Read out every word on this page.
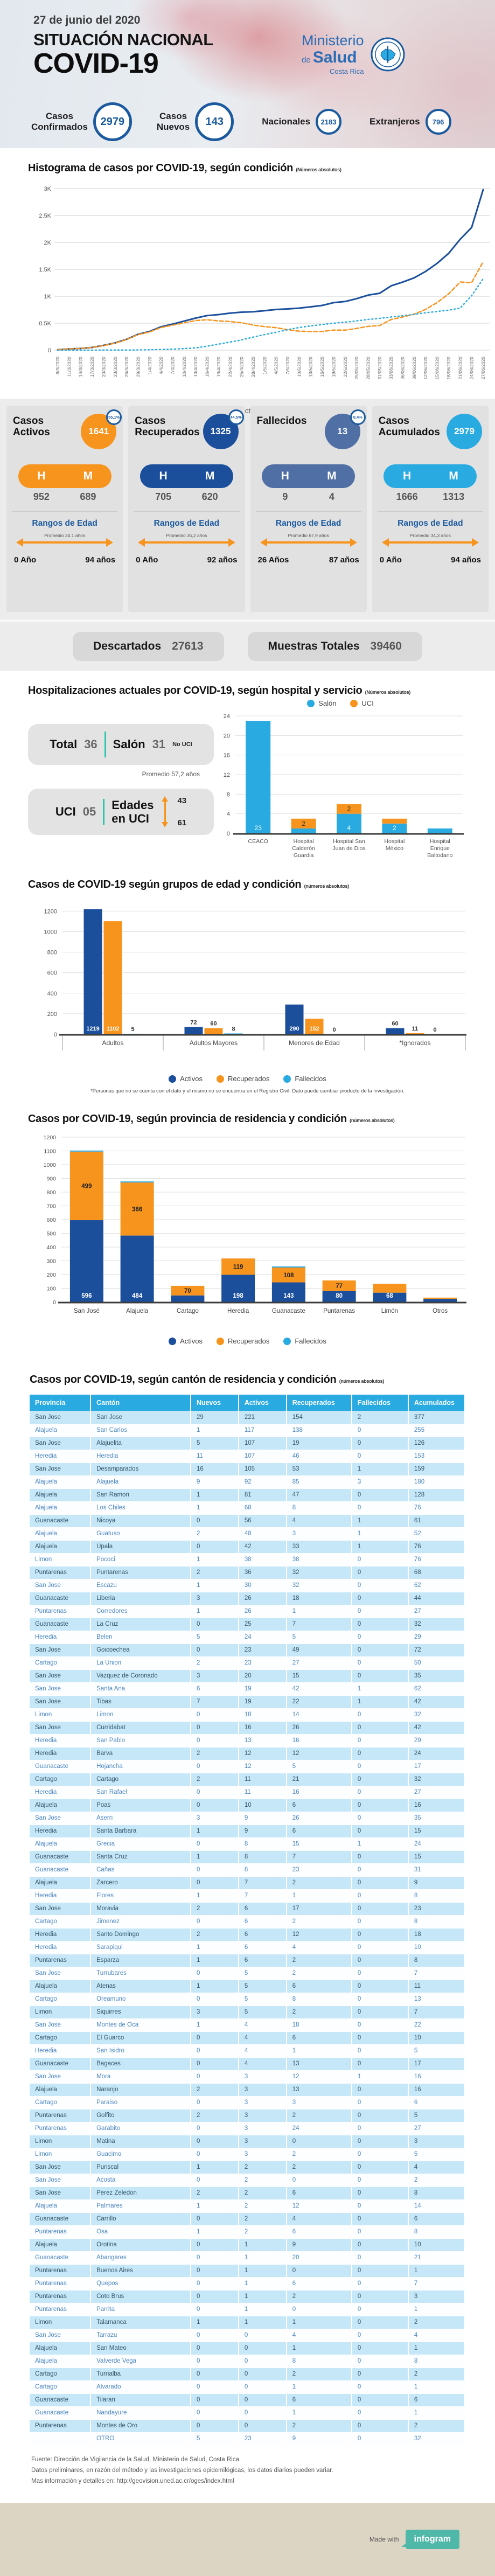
27 de junio del 2020
SITUACIÓN NACIONAL
COVID-19
Ministerio
de Salud
Costa Rica
Casos
Confirmados	2979	Casos
Nuevos	143	Nacionales	2183	Extranjeros	796
Histograma de casos por COVID-19, según condición (Números absolutos)
3K
2.5K
2K
1.5K
1K
0.5K
0
8/3/2020 11/3/2020 14/3/2020 17/3/2020 20/3/2020 23/3/2020 26/3/2020 29/3/2020 1/4/2020 4/4/2020 7/4/2020 10/4/2020 13/4/2020 16/4/2020 19/4/2020 22/4/2020 25/4/2020 28/4/2020 1/5/2020 4/5/2020 7/5/2020 10/5/2020 13/5/2020 16/5/2020 19/5/2020 22/5/2020 25/05/2020 28/05/2020 31/05/2020 03/06/2020 06/06/2020 09/06/2020 12/06/2020 15/06/2020 18/06/2020 21/06/2020 24/06/2020 27/06/2020
Casos Activos	1641
55,1%
H	M
952	689
Rangos de Edad
Promedio 34.1 años
0 Año	94 años
Casos Recuperados	1325
44,5%
H	M
705	620
Rangos de Edad
Promedio 35,2 años
0 Año	92 años
Fallecidos
13
0,4%
H	M
9	4
Rangos de Edad
Promedio 67,9 años
26 Años	87 años
Casos Acumulados	2979
H	M
1666	1313
Rangos de Edad
Promedio 34,3 años
0 Año	94 años
Descartados 27613	Muestras Totales 39460
Hospitalizaciones actuales por COVID-19, según hospital y servicio (Números absolutos)
Total 36 Salón 31 No UCI
Promedio 57,2 años
UCI 05 Edades
en UCI
43
61
Salón	UCI
0
4
8
12
16
20
24
23
CEACO
2
Hospital
Calderón
Guardia
4
2
Hospital San
Juan de Dios
2
Hospital
México
Hospital
Enrique
Baltodano
Casos de COVID-19 según grupos de edad y condición (números absolutos)
0
200
400
600
800
1000
1200
1219 1102 5
Adultos
72 60
8
Adultos Mayores
290 152 0
Menores de Edad
60
11	0
*Ignorados
Activos	Recuperados	Fallecidos
*Personas que no se cuenta con el dato y el mismo no se encuentra en el Registro Civil. Dato puede cambiar producto de la investigación.
Casos por COVID-19, según provincia de residencia y condición (números absolutos)
0
100
200
300
400
500
600
700
800
900
1000
1100
1200
596
499
San José
484
386
Alajuela
70
Cartago
198
119
Heredia
143
108
Guanacaste
80
77
Puntarenas
68
Limón	Otros
Activos	Recuperados	Fallecidos
Casos por COVID-19, según cantón de residencia y condición (números absolutos)
Provincia	Cantón	Nuevos	Activos	Recuperados	Fallecidos	Acumulados
San Jose	San Jose	29	221	154	2	377
Alajuela	San Carlos	1	117	138	0	255
San Jose	Alajuelita	5	107	19	0	126
Heredia	Heredia	11	107	46	0	153
San Jose	Desamparados	16	105	53	1	159
Alajuela	Alajuela	9	92	85	3	180
Alajuela	San Ramon	1	81	47	0	128
Alajuela	Los Chiles	1	68	8	0	76
Guanacaste	Nicoya	0	56	4	1	61
Alajuela	Guatuso	2	48	3	1	52
Alajuela	Upala	0	42	33	1	76
Limon	Pococi	1	38	38	0	76
Puntarenas	Puntarenas	2	36	32	0	68
San Jose	Escazu	1	30	32	0	62
Guanacaste	Liberia	3	26	18	0	44
Puntarenas	Corredores	1	26	1	0	27
Guanacaste	La Cruz	0	25	7	0	32
Heredia	Belen	5	24	5	0	29
San Jose	Goicoechea	0	23	49	0	72
Cartago	La Union	2	23	27	0	50
San Jose	Vazquez de Coronado	3	20	15	0	35
San Jose	Santa Ana	6	19	42	1	62
San Jose	Tibas	7	19	22	1	42
Limon	Limon	0	18	14	0	32
San Jose	Curridabat	0	16	26	0	42
Heredia	San Pablo	0	13	16	0	29
Heredia	Barva	2	12	12	0	24
Guanacaste	Hojancha	0	12	5	0	17
Cartago	Cartago	2	11	21	0	32
Heredia	San Rafael	0	11	16	0	27
Alajuela	Poas	0	10	6	0	16
San Jose	Aserri	3	9	26	0	35
Heredia	Santa Barbara	1	9	6	0	15
Alajuela	Grecia	0	8	15	1	24
Guanacaste	Santa Cruz	1	8	7	0	15
Guanacaste	Cañas	0	8	23	0	31
Alajuela	Zarcero	0	7	2	0	9
Heredia	Flores	1	7	1	0	8
San Jose	Moravia	2	6	17	0	23
Cartago	Jimenez	0	6	2	0	8
Heredia	Santo Domingo	2	6	12	0	18
Heredia	Sarapiqui	1	6	4	0	10
Puntarenas	Esparza	1	6	2	0	8
San Jose	Turrubares	0	5	2	0	7
Alajuela	Atenas	1	5	6	0	11
Cartago	Oreamuno	0	5	8	0	13
Limon	Siquirres	3	5	2	0	7
San Jose	Montes de Oca	1	4	18	0	22
Cartago	El Guarco	0	4	6	0	10
Heredia	San Isidro	0	4	1	0	5
Guanacaste	Bagaces	0	4	13	0	17
San Jose	Mora	0	3	12	1	16
Alajuela	Naranjo	2	3	13	0	16
Cartago	Paraiso	0	3	3	0	6
Puntarenas	Golfito	2	3	2	0	5
Puntarenas	Garabito	0	3	24	0	27
Limon	Matina	0	3	0	0	3
Limon	Guacimo	0	3	2	0	5
San Jose	Puriscal	1	2	2	0	4
San Jose	Acosta	0	2	0	0	2
San Jose	Perez Zeledon	2	2	6	0	8
Alajuela	Palmares	1	2	12	0	14
Guanacaste	Carrillo	0	2	4	0	6
Puntarenas	Osa	1	2	6	0	8
Alajuela	Orotina	0	1	9	0	10
Guanacaste	Abangares	0	1	20	0	21
Puntarenas	Buenos Aires	0	1	0	0	1
Puntarenas	Quepos	0	1	6	0	7
Puntarenas	Coto Brus	0	1	2	0	3
Puntarenas	Parrita	0	1	0	0	1
Limon	Talamanca	1	1	1	0	2
San Jose	Tarrazu	0	0	4	0	4
Alajuela	San Mateo	0	0	1	0	1
Alajuela	Valverde Vega	0	0	8	0	8
Cartago	Turrialba	0	0	2	0	2
Cartago	Alvarado	0	0	1	0	1
Guanacaste	Tilaran	0	0	6	0	6
Guanacaste	Nandayure	0	0	1	0	1
Puntarenas	Montes de Oro	0	0	2	0	2
	OTRO	5	23	9	0	32
Fuente: Dirección de Vigilancia de la Salud, Ministerio de Salud, Costa Rica
Datos preliminares, en razón del método y las investigaciones epidemilógicas, los datos diarios pueden variar.
Mas información y detalles en: http://geovision.uned.ac.cr/oges/index.html
Made with	infogram
